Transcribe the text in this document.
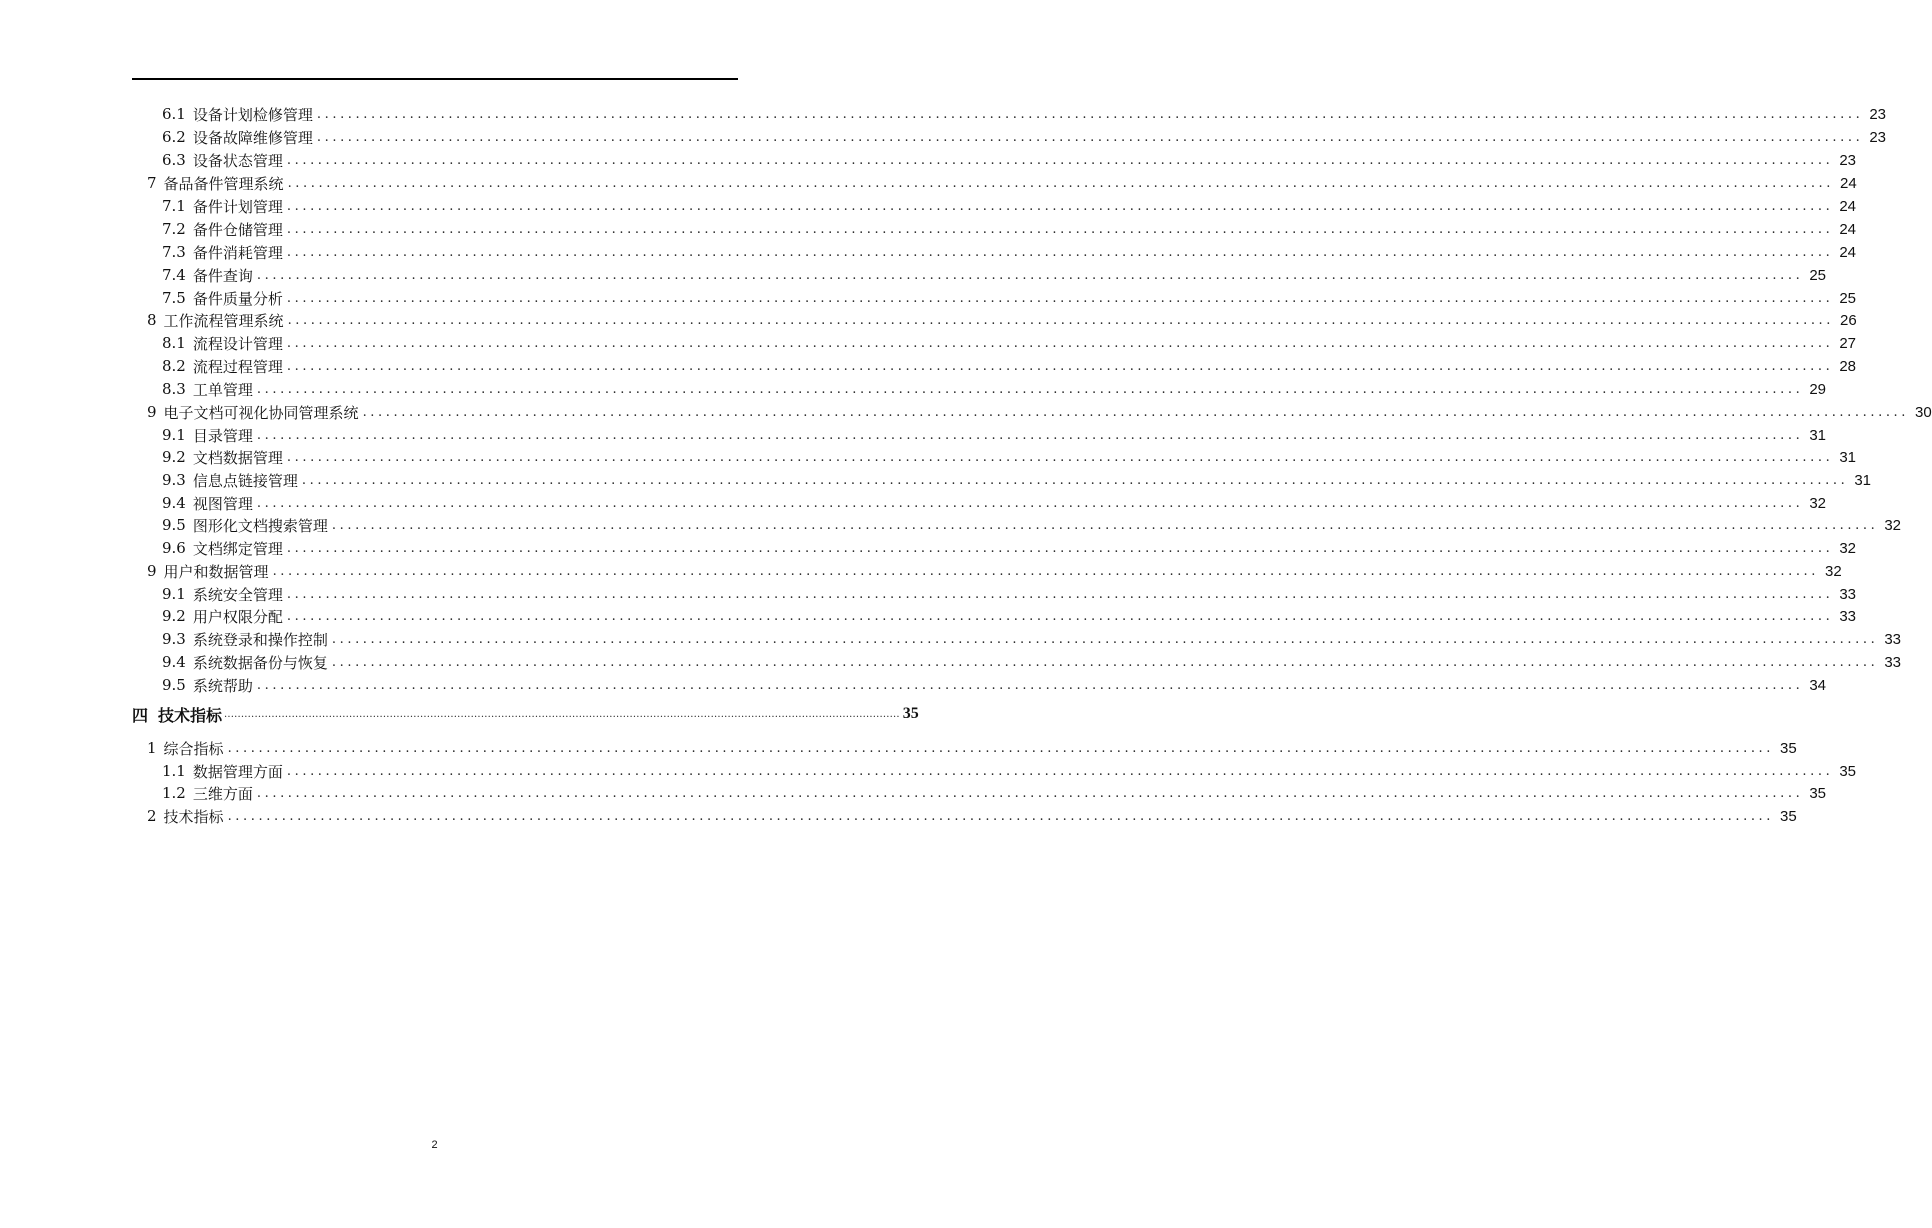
6.1 设备计划检修管理 ........................................................................................................................................................................................................ 23
6.2 设备故障维修管理 ........................................................................................................................................................................................................ 23
6.3 设备状态管理 ........................................................................................................................................................................................................ 23
7 备品备件管理系统 ........................................................................................................................................................................................................ 24
7.1 备件计划管理 ........................................................................................................................................................................................................ 24
7.2 备件仓储管理 ........................................................................................................................................................................................................ 24
7.3 备件消耗管理 ........................................................................................................................................................................................................ 24
7.4 备件查询 ........................................................................................................................................................................................................ 25
7.5 备件质量分析 ........................................................................................................................................................................................................ 25
8 工作流程管理系统 ........................................................................................................................................................................................................ 26
8.1 流程设计管理 ........................................................................................................................................................................................................ 27
8.2 流程过程管理 ........................................................................................................................................................................................................ 28
8.3 工单管理 ........................................................................................................................................................................................................ 29
9 电子文档可视化协同管理系统 ........................................................................................................................................................................................................ 30
9.1 目录管理 ........................................................................................................................................................................................................ 31
9.2 文档数据管理 ........................................................................................................................................................................................................ 31
9.3 信息点链接管理 ........................................................................................................................................................................................................ 31
9.4 视图管理 ........................................................................................................................................................................................................ 32
9.5 图形化文档搜索管理 ........................................................................................................................................................................................................ 32
9.6 文档绑定管理 ........................................................................................................................................................................................................ 32
9 用户和数据管理 ........................................................................................................................................................................................................ 32
9.1 系统安全管理 ........................................................................................................................................................................................................ 33
9.2 用户权限分配 ........................................................................................................................................................................................................ 33
9.3 系统登录和操作控制 ........................................................................................................................................................................................................ 33
9.4 系统数据备份与恢复 ........................................................................................................................................................................................................ 33
9.5 系统帮助 ........................................................................................................................................................................................................ 34
四 技术指标 ........................................................................................................................................................................................................ 35
1 综合指标 ........................................................................................................................................................................................................ 35
1.1 数据管理方面 ........................................................................................................................................................................................................ 35
1.2 三维方面 ........................................................................................................................................................................................................ 35
2 技术指标 ........................................................................................................................................................................................................ 35
2
